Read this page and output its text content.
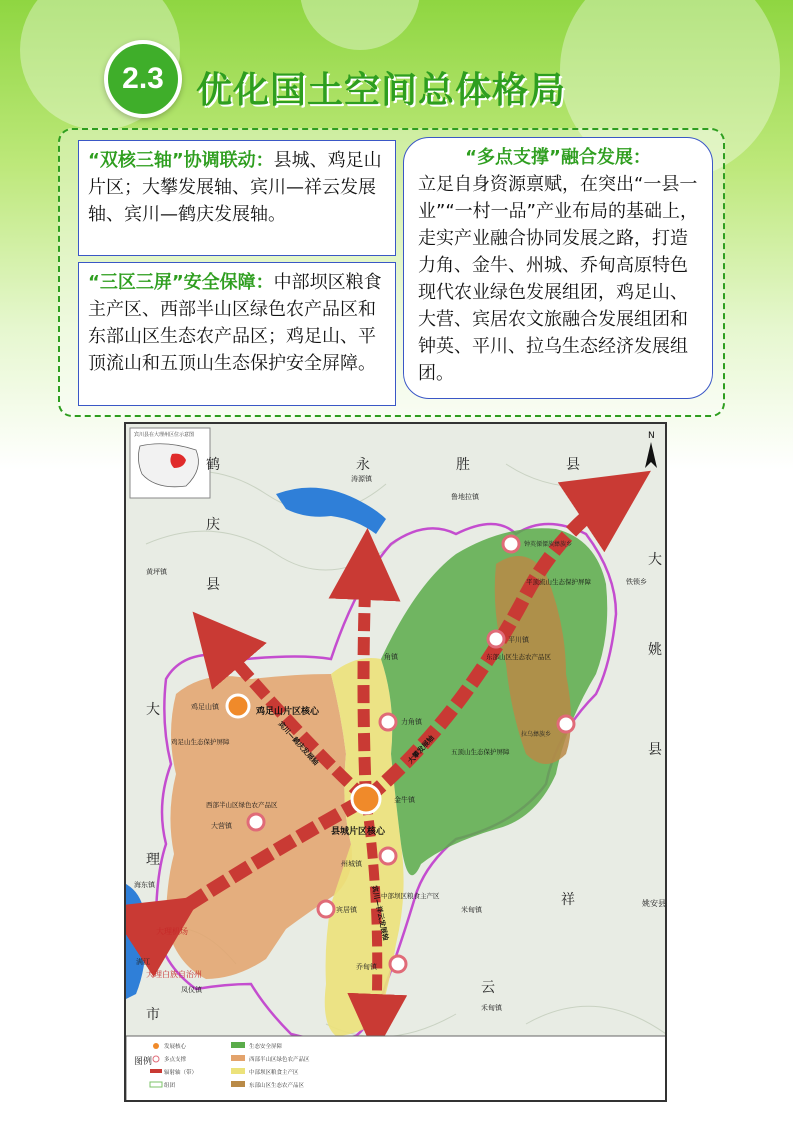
2.3 优化国土空间总体格局
“双核三轴”协调联动：县城、鸡足山片区；大攀发展轴、宾川—祥云发展轴、宾川—鹤庆发展轴。
“三区三屏”安全保障：中部坝区粮食主产区、西部半山区绿色农产品区和东部山区生态农产品区；鸡足山、平顶流山和五顶山生态保护安全屏障。
“多点支撑”融合发展：
立足自身资源禀赋，在突出“一县一业”“一村一品”产业布局的基础上，走实产业融合协同发展之路，打造力角、金牛、州城、乔甸高原特色现代农业绿色发展组团，鸡足山、大营、宾居农文旅融合发展组团和钟英、平川、拉乌生态经济发展组团。
宾川县在大理州区位示意图	N
鹤
庆
县
永	胜	县
大
姚
县
大
理
市
祥
云
姚安县
涛源镇
鲁地拉镇
黄坪镇
铁锁乡
角镇
鸡足山镇
力角镇
金牛镇
大营镇
州城镇
宾居镇
乔甸镇
钟英傈僳族彝族乡
平川镇
拉乌彝族乡
海东镇
满江
大理机场
大理白族自治州
凤仪镇
米甸镇
禾甸镇
鸡足山片区核心
县城片区核心
西部半山区绿色农产品区
中部坝区粮食主产区
东部山区生态农产品区
鸡足山生态保护屏障
平顶流山生态保护屏障
五顶山生态保护屏障
大攀发展轴
宾川—鹤庆发展轴
宾川—祥云发展轴
图例
发展核心
多点支撑
辐射轴（带）
组团
生态安全屏障
西部半山区绿色农产品区
中部坝区粮食主产区
东部山区生态农产品区
